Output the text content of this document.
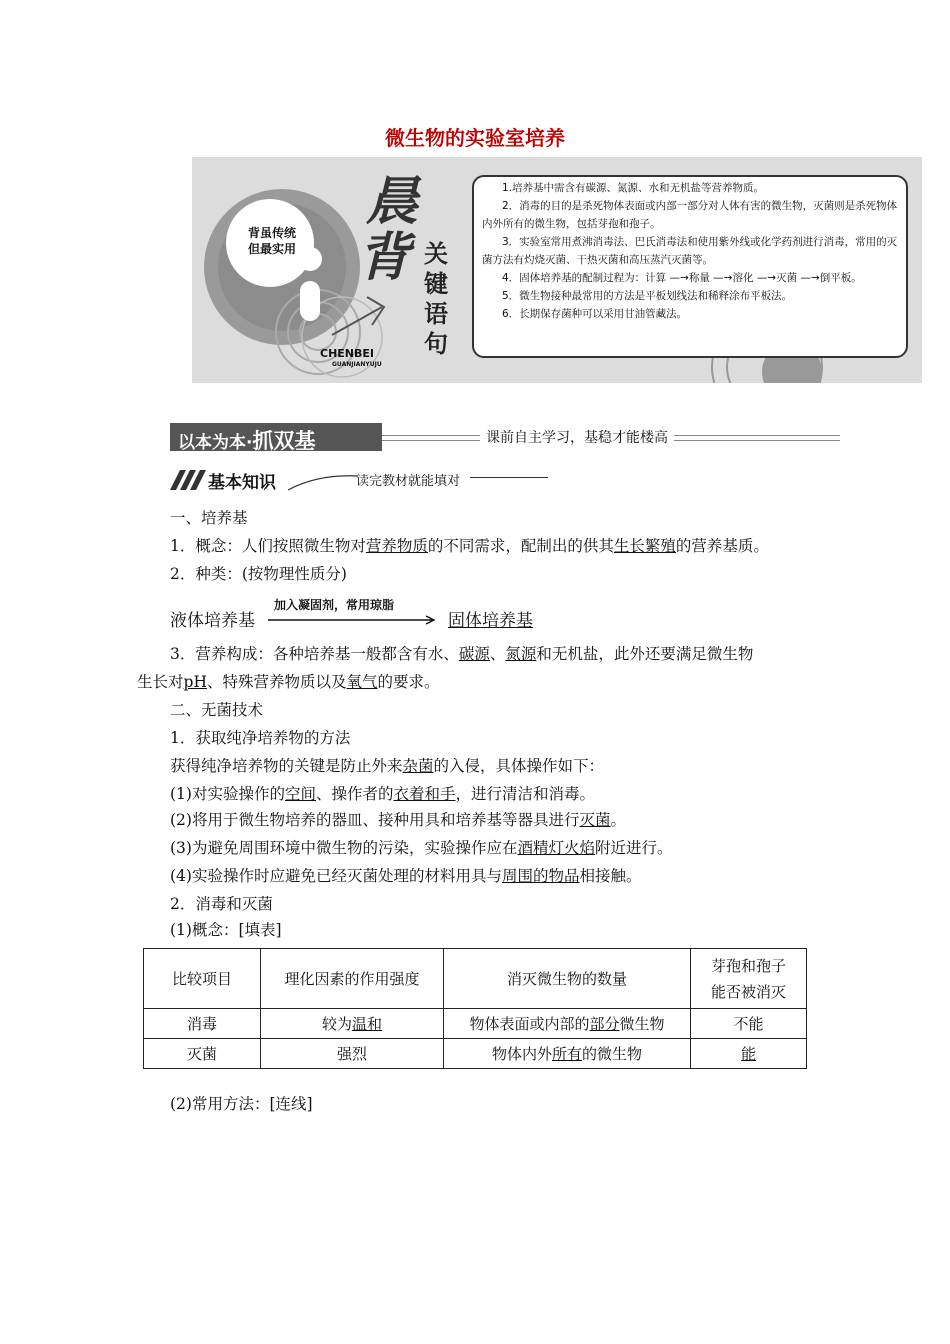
微生物的实验室培养
背虽传统
但最实用
晨
背 关
键
语
句
CHENBEI
GUANJIANYUJU

1.培养基中需含有碳源、氮源、水和无机盐等营养物质。

2．消毒的目的是杀死物体表面或内部一部分对人体有害的微生物，灭菌则是杀死物体内外所有的微生物，包括芽孢和孢子。

3．实验室常用煮沸消毒法、巴氏消毒法和使用紫外线或化学药剂进行消毒，常用的灭菌方法有灼烧灭菌、干热灭菌和高压蒸汽灭菌等。

4．固体培养基的配制过程为：计算 —→称量 —→溶化 —→灭菌 —→倒平板。

5．微生物接种最常用的方法是平板划线法和稀释涂布平板法。

6．长期保存菌种可以采用甘油管藏法。

以本为本·抓双基	课前自主学习，基稳才能楼高
基本知识	读完教材就能填对
一、培养基
1．概念：人们按照微生物对营养物质的不同需求，配制出的供其生长繁殖的营养基质。
2．种类：(按物理性质分)
液体培养基
加入凝固剂，常用琼脂
固体培养基
3．营养构成：各种培养基一般都含有水、碳源、氮源和无机盐，此外还要满足微生物
生长对pH、特殊营养物质以及氧气的要求。
二、无菌技术
1．获取纯净培养物的方法
获得纯净培养物的关键是防止外来杂菌的入侵，具体操作如下：
(1)对实验操作的空间、操作者的衣着和手，进行清洁和消毒。
(2)将用于微生物培养的器皿、接种用具和培养基等器具进行灭菌。
(3)为避免周围环境中微生物的污染，实验操作应在酒精灯火焰附近进行。
(4)实验操作时应避免已经灭菌处理的材料用具与周围的物品相接触。
2．消毒和灭菌
(1)概念：[填表]
比较项目	理化因素的作用强度	消灭微生物的数量	芽孢和孢子
能否被消灭

消毒	较为温和	物体表面或内部的部分微生物	不能
灭菌	强烈	物体内外所有的微生物	能
(2)常用方法：[连线]
